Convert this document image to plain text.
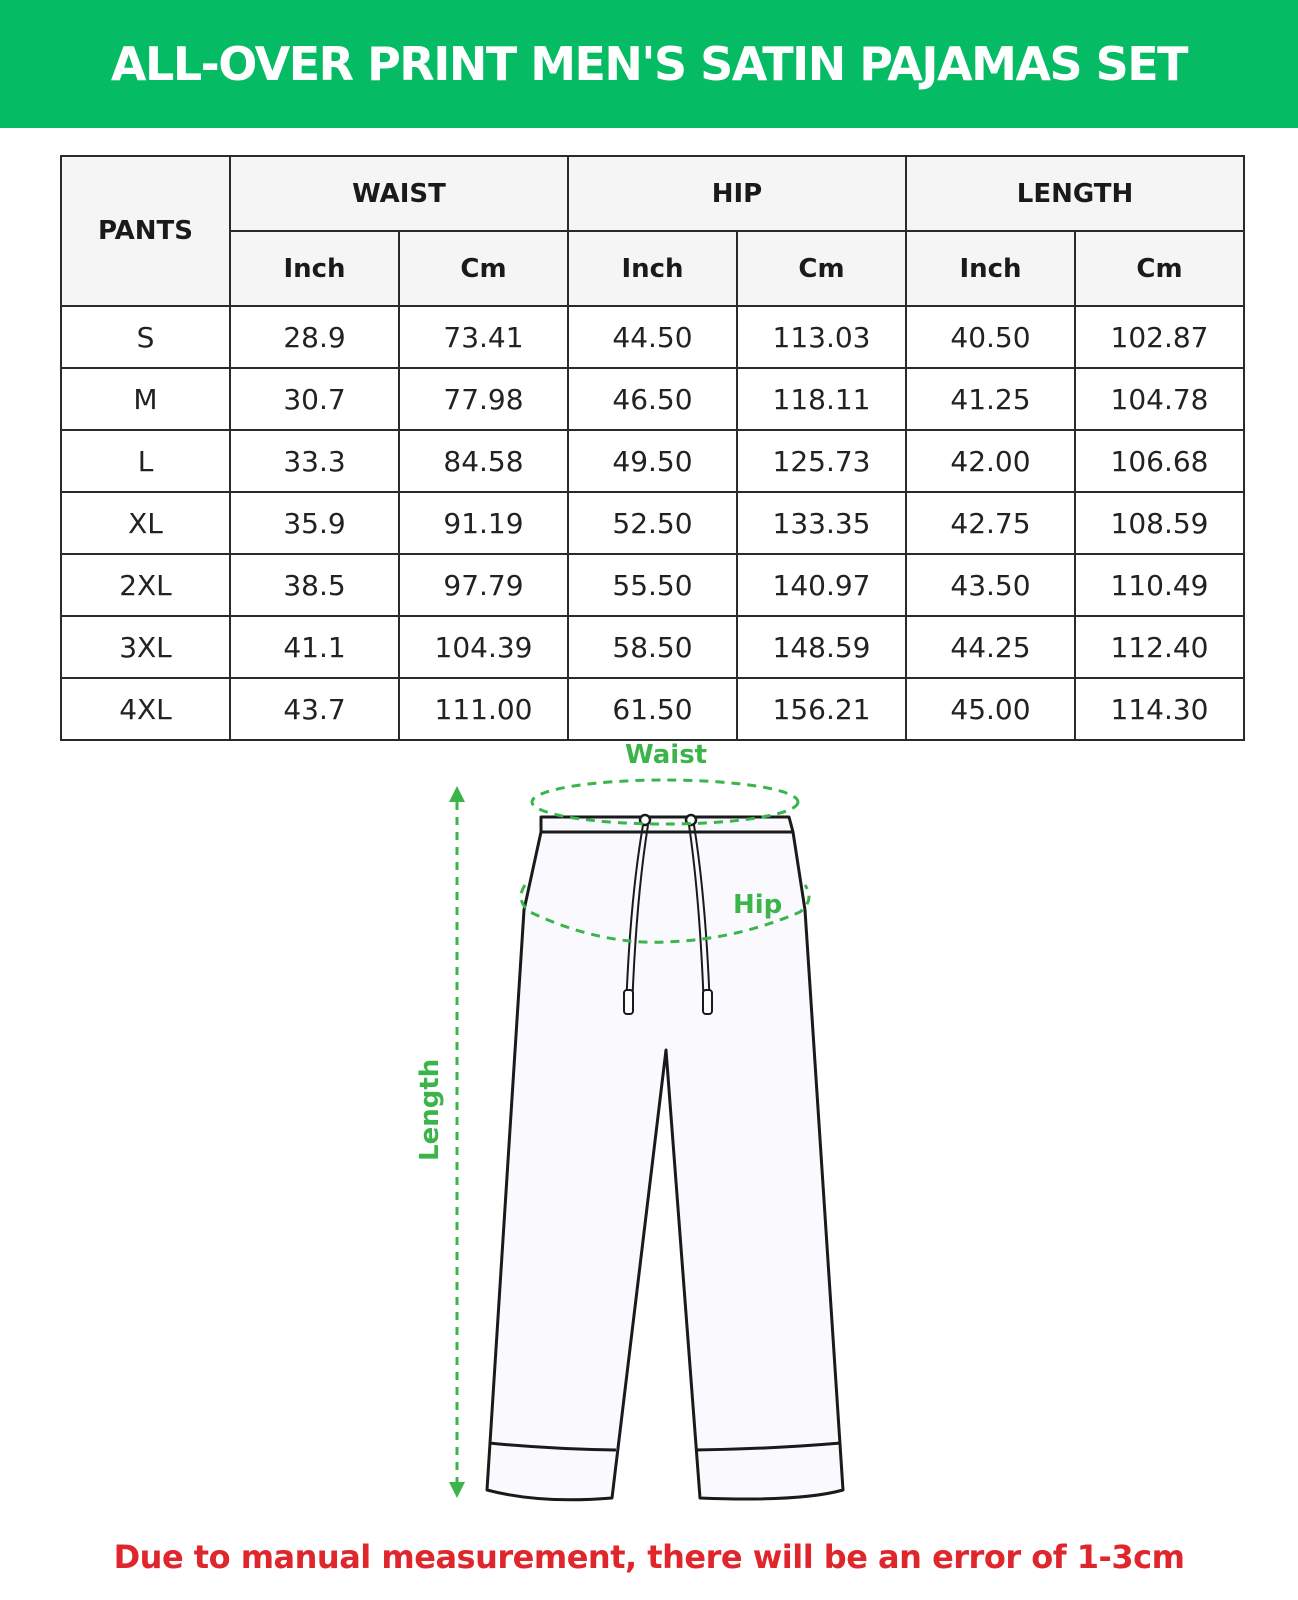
ALL-OVER PRINT MEN'S SATIN PAJAMAS SET
PANTS	WAIST		HIP		LENGTH	
	Inch	Cm	Inch	Cm	Inch	Cm
S	28.9	73.41	44.50	113.03	40.50	102.87
M	30.7	77.98	46.50	118.11	41.25	104.78
L	33.3	84.58	49.50	125.73	42.00	106.68
XL	35.9	91.19	52.50	133.35	42.75	108.59
2XL	38.5	97.79	55.50	140.97	43.50	110.49
3XL	41.1	104.39	58.50	148.59	44.25	112.40
4XL	43.7	111.00	61.50	156.21	45.00	114.30
Waist
Hip
Length
Due to manual measurement, there will be an error of 1-3cm
